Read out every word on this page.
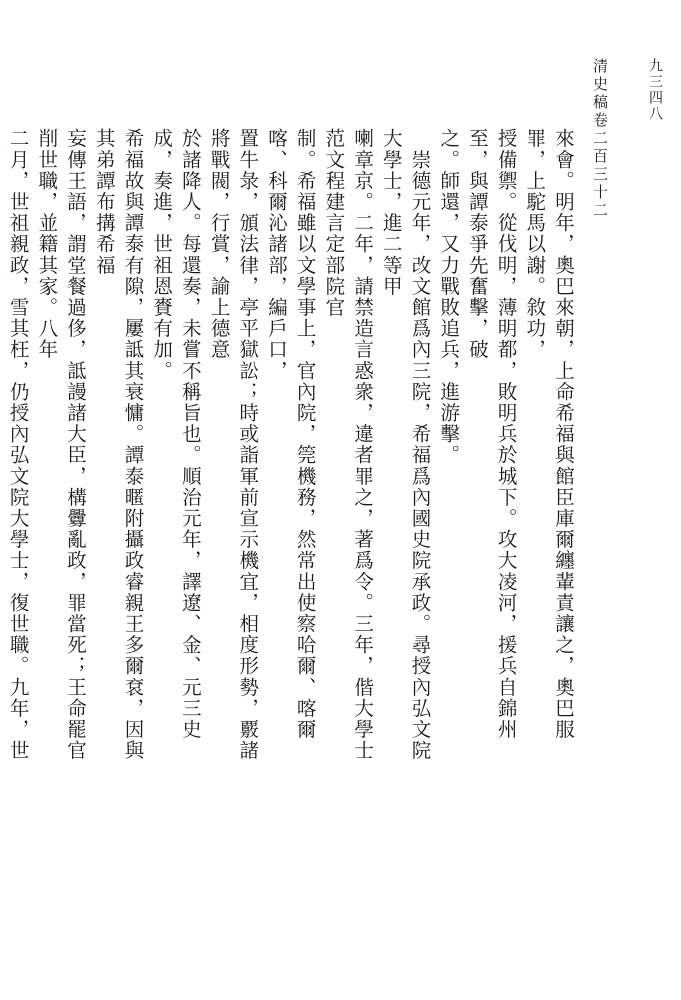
清史稿卷二百三十二	九三四八
來會。明年，奧巴來朝，上命希福與館臣庫爾纏輩責讓之，奧巴服罪，上駝馬以謝。敘功，
授備禦。從伐明，薄明都，敗明兵於城下。攻大凌河，援兵自錦州至，與譚泰爭先奮擊，破
之。師還，又力戰敗追兵，進游擊。
　崇德元年，改文館爲內三院，希福爲內國史院承政。尋授內弘文院大學士，進二等甲
喇章京。二年，請禁造言惑衆，違者罪之，著爲令。三年，偕大學士范文程建言定部院官
制。希福雖以文學事上，官內院，筦機務，然常出使察哈爾、喀爾喀、科爾沁諸部，編戶口，
置牛彔，頒法律，亭平獄訟；時或詣軍前宣示機宜，相度形勢，覈諸將戰閥，行賞，諭上德意
於諸降人。每還奏，未嘗不稱旨也。順治元年，譯遼、金、元三史成，奏進，世祖恩賚有加。
希福故與譚泰有隙，屢詆其衰慵。譚泰暱附攝政睿親王多爾袞，因與其弟譚布搆希福
妄傳王語，謂堂餐過侈，詆謾諸大臣，構釁亂政，罪當死；王命罷官削世職，並籍其家。八年
二月，世祖親政，雪其枉，仍授內弘文院大學士，復世職。九年，世
